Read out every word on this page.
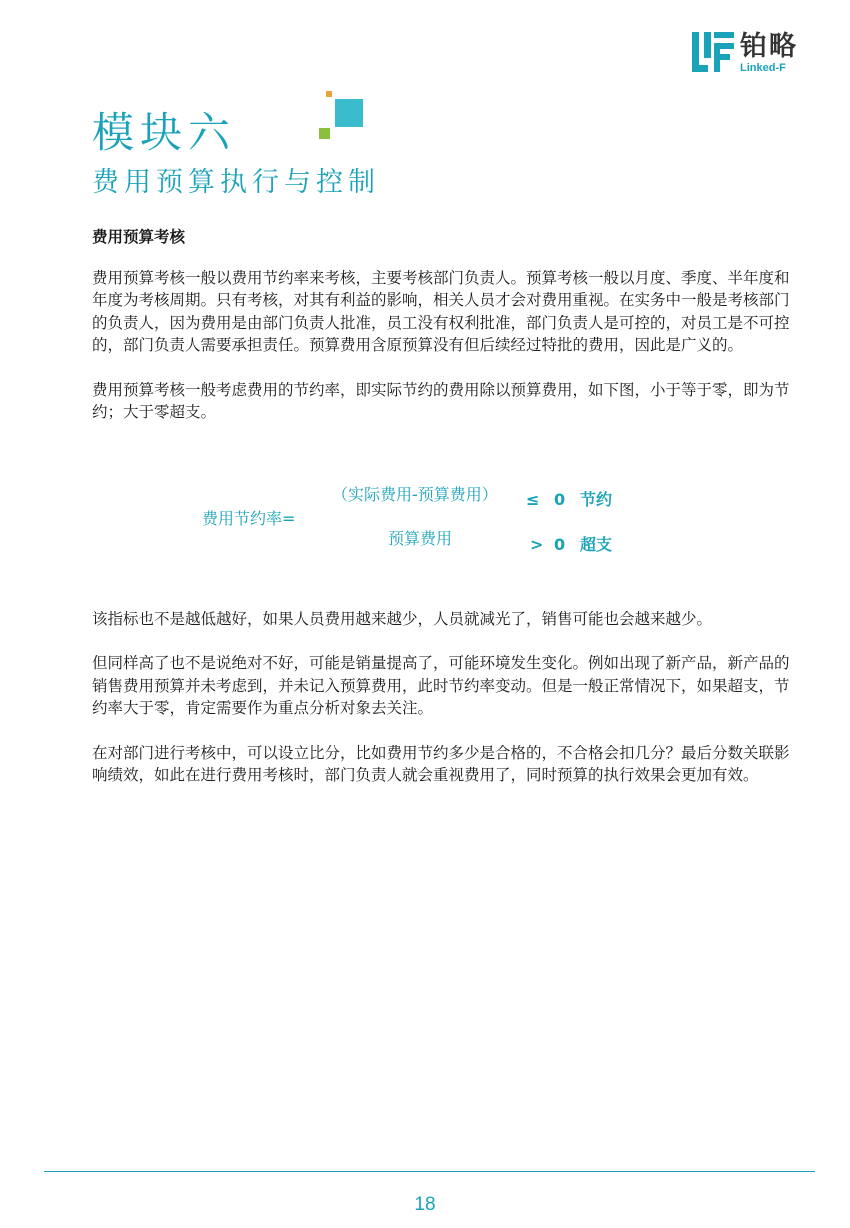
铂略
Linked-F
模块六
费用预算执行与控制
费用预算考核

费用预算考核一般以费用节约率来考核，主要考核部门负责人。预算考核一般以月度、季度、半年度和年度为考核周期。只有考核，对其有利益的影响，相关人员才会对费用重视。在实务中一般是考核部门的负责人，因为费用是由部门负责人批准，员工没有权利批准，部门负责人是可控的，对员工是不可控的，部门负责人需要承担责任。预算费用含原预算没有但后续经过特批的费用，因此是广义的。

费用预算考核一般考虑费用的节约率，即实际节约的费用除以预算费用，如下图，小于等于零，即为节约；大于零超支。

费用节约率=
（实际费用-预算费用）
预算费用
≤ 0 节约
> 0 超支

该指标也不是越低越好，如果人员费用越来越少，人员就减光了，销售可能也会越来越少。

但同样高了也不是说绝对不好，可能是销量提高了，可能环境发生变化。例如出现了新产品，新产品的销售费用预算并未考虑到，并未记入预算费用，此时节约率变动。但是一般正常情况下，如果超支，节约率大于零，肯定需要作为重点分析对象去关注。

在对部门进行考核中，可以设立比分，比如费用节约多少是合格的，不合格会扣几分？最后分数关联影响绩效，如此在进行费用考核时，部门负责人就会重视费用了，同时预算的执行效果会更加有效。

18
